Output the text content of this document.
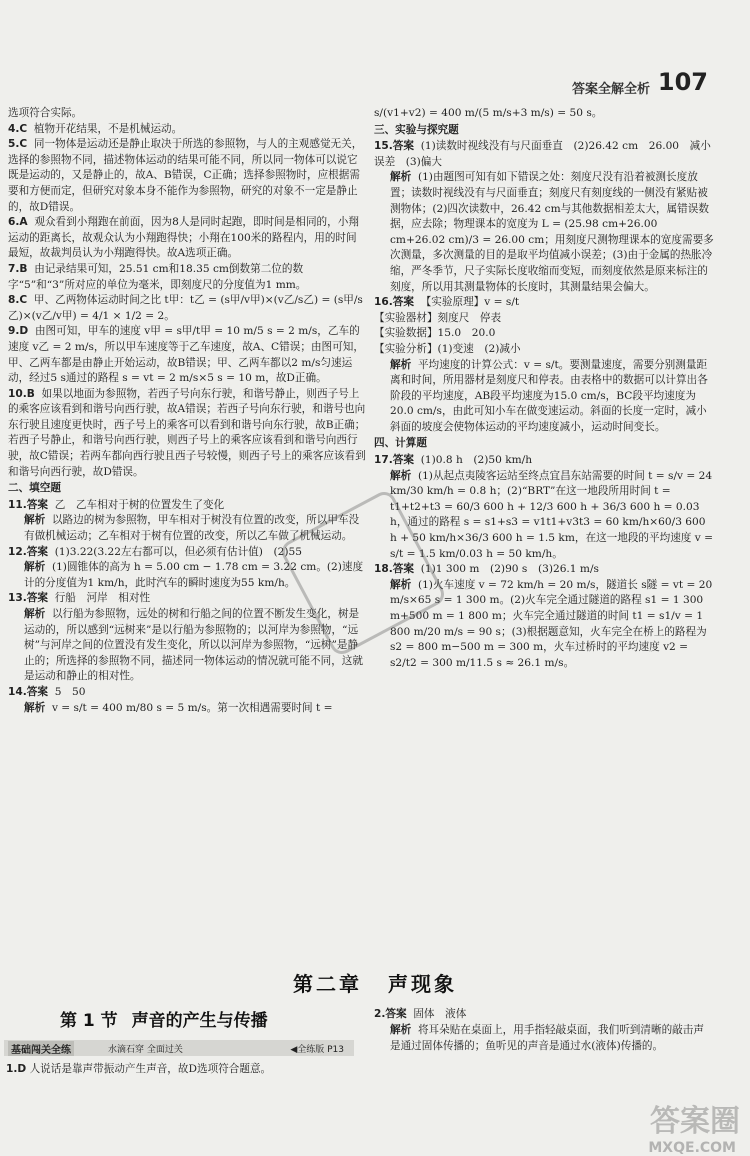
答案全解全析 107

选项符合实际。

4.C 植物开花结果，不是机械运动。

5.C 同一物体是运动还是静止取决于所选的参照物，与人的主观感觉无关，选择的参照物不同，描述物体运动的结果可能不同，所以同一物体可以说它既是运动的，又是静止的，故A、B错误，C正确；选择参照物时，应根据需要和方便而定，但研究对象本身不能作为参照物，研究的对象不一定是静止的，故D错误。

6.A 观众看到小翔跑在前面，因为8人是同时起跑，即时间是相同的，小翔运动的距离长，故观众认为小翔跑得快；小翔在100米的路程内，用的时间最短，故裁判员认为小翔跑得快。故A选项正确。

7.B 由记录结果可知，25.51 cm和18.35 cm倒数第二位的数字“5”和“3”所对应的单位为毫米，即刻度尺的分度值为1 mm。

8.C 甲、乙两物体运动时间之比 t甲：t乙 = (s甲/v甲)×(v乙/s乙) = (s甲/s乙)×(v乙/v甲) = 4/1 × 1/2 = 2。

9.D 由图可知，甲车的速度 v甲 = s甲/t甲 = 10 m/5 s = 2 m/s，乙车的速度 v乙 = 2 m/s，所以甲车速度等于乙车速度，故A、C错误；由图可知，甲、乙两车都是由静止开始运动，故B错误；甲、乙两车都以2 m/s匀速运动，经过5 s通过的路程 s = vt = 2 m/s×5 s = 10 m，故D正确。

10.B 如果以地面为参照物，若西子号向东行驶，和谐号静止，则西子号上的乘客应该看到和谐号向西行驶，故A错误；若西子号向东行驶，和谐号也向东行驶且速度更快时，西子号上的乘客可以看到和谐号向东行驶，故B正确；若西子号静止，和谐号向西行驶，则西子号上的乘客应该看到和谐号向西行驶，故C错误；若两车都向西行驶且西子号较慢，则西子号上的乘客应该看到和谐号向西行驶，故D错误。

二、填空题

11.答案 乙　乙车相对于树的位置发生了变化

解析 以路边的树为参照物，甲车相对于树没有位置的改变，所以甲车没有做机械运动；乙车相对于树有位置的改变，所以乙车做了机械运动。

12.答案 (1)3.22(3.22左右都可以，但必须有估计值)　(2)55

解析 (1)圆锥体的高为 h = 5.00 cm − 1.78 cm = 3.22 cm。(2)速度计的分度值为1 km/h，此时汽车的瞬时速度为55 km/h。

13.答案 行船　河岸　相对性

解析 以行船为参照物，远处的树和行船之间的位置不断发生变化，树是运动的，所以感到“远树来”是以行船为参照物的；以河岸为参照物，“远树”与河岸之间的位置没有发生变化，所以以河岸为参照物，“远树”是静止的；所选择的参照物不同，描述同一物体运动的情况就可能不同，这就是运动和静止的相对性。

14.答案 5　50

解析 v = s/t = 400 m/80 s = 5 m/s。第一次相遇需要时间 t =

s/(v1+v2) = 400 m/(5 m/s+3 m/s) = 50 s。

三、实验与探究题

15.答案 (1)读数时视线没有与尺面垂直　(2)26.42 cm　26.00　减小误差　(3)偏大

解析 (1)由题图可知有如下错误之处：刻度尺没有沿着被测长度放置；读数时视线没有与尺面垂直；刻度尺有刻度线的一侧没有紧贴被测物体；(2)四次读数中，26.42 cm与其他数据相差太大，属错误数据，应去除；物理课本的宽度为 L = (25.98 cm+26.00 cm+26.02 cm)/3 = 26.00 cm；用刻度尺测物理课本的宽度需要多次测量，多次测量的目的是取平均值减小误差；(3)由于金属的热胀冷缩，严冬季节，尺子实际长度收缩而变短，而刻度依然是原来标注的刻度，所以用其测量物体的长度时，其测量结果会偏大。

16.答案 【实验原理】v = s/t

【实验器材】刻度尺　停表

【实验数据】15.0　20.0

【实验分析】(1)变速　(2)减小

解析 平均速度的计算公式：v = s/t。要测量速度，需要分别测量距离和时间，所用器材是刻度尺和停表。由表格中的数据可以计算出各阶段的平均速度，AB段平均速度为15.0 cm/s，BC段平均速度为20.0 cm/s，由此可知小车在做变速运动。斜面的长度一定时，减小斜面的坡度会使物体运动的平均速度减小，运动时间变长。

四、计算题

17.答案 (1)0.8 h　(2)50 km/h

解析 (1)从起点夷陵客运站至终点宜昌东站需要的时间 t = s/v = 24 km/30 km/h = 0.8 h；(2)“BRT”在这一地段所用时间 t = t1+t2+t3 = 60/3 600 h + 12/3 600 h + 36/3 600 h = 0.03 h，通过的路程 s = s1+s3 = v1t1+v3t3 = 60 km/h×60/3 600 h + 50 km/h×36/3 600 h = 1.5 km，在这一地段的平均速度 v = s/t = 1.5 km/0.03 h = 50 km/h。

18.答案 (1)1 300 m　(2)90 s　(3)26.1 m/s

解析 (1)火车速度 v = 72 km/h = 20 m/s，隧道长 s隧 = vt = 20 m/s×65 s = 1 300 m。(2)火车完全通过隧道的路程 s1 = 1 300 m+500 m = 1 800 m；火车完全通过隧道的时间 t1 = s1/v = 1 800 m/20 m/s = 90 s；(3)根据题意知，火车完全在桥上的路程为 s2 = 800 m−500 m = 300 m，火车过桥时的平均速度 v2 = s2/t2 = 300 m/11.5 s ≈ 26.1 m/s。

第二章 声现象
第 1 节 声音的产生与传播
基础闯关全练	水滴石穿 全面过关	◀全练版 P13
1.D 人说话是靠声带振动产生声音，故D选项符合题意。

2.答案 固体　液体

解析 将耳朵贴在桌面上，用手指轻敲桌面，我们听到清晰的敲击声是通过固体传播的；鱼听见的声音是通过水(液体)传播的。

答案圈
MXQE.COM
